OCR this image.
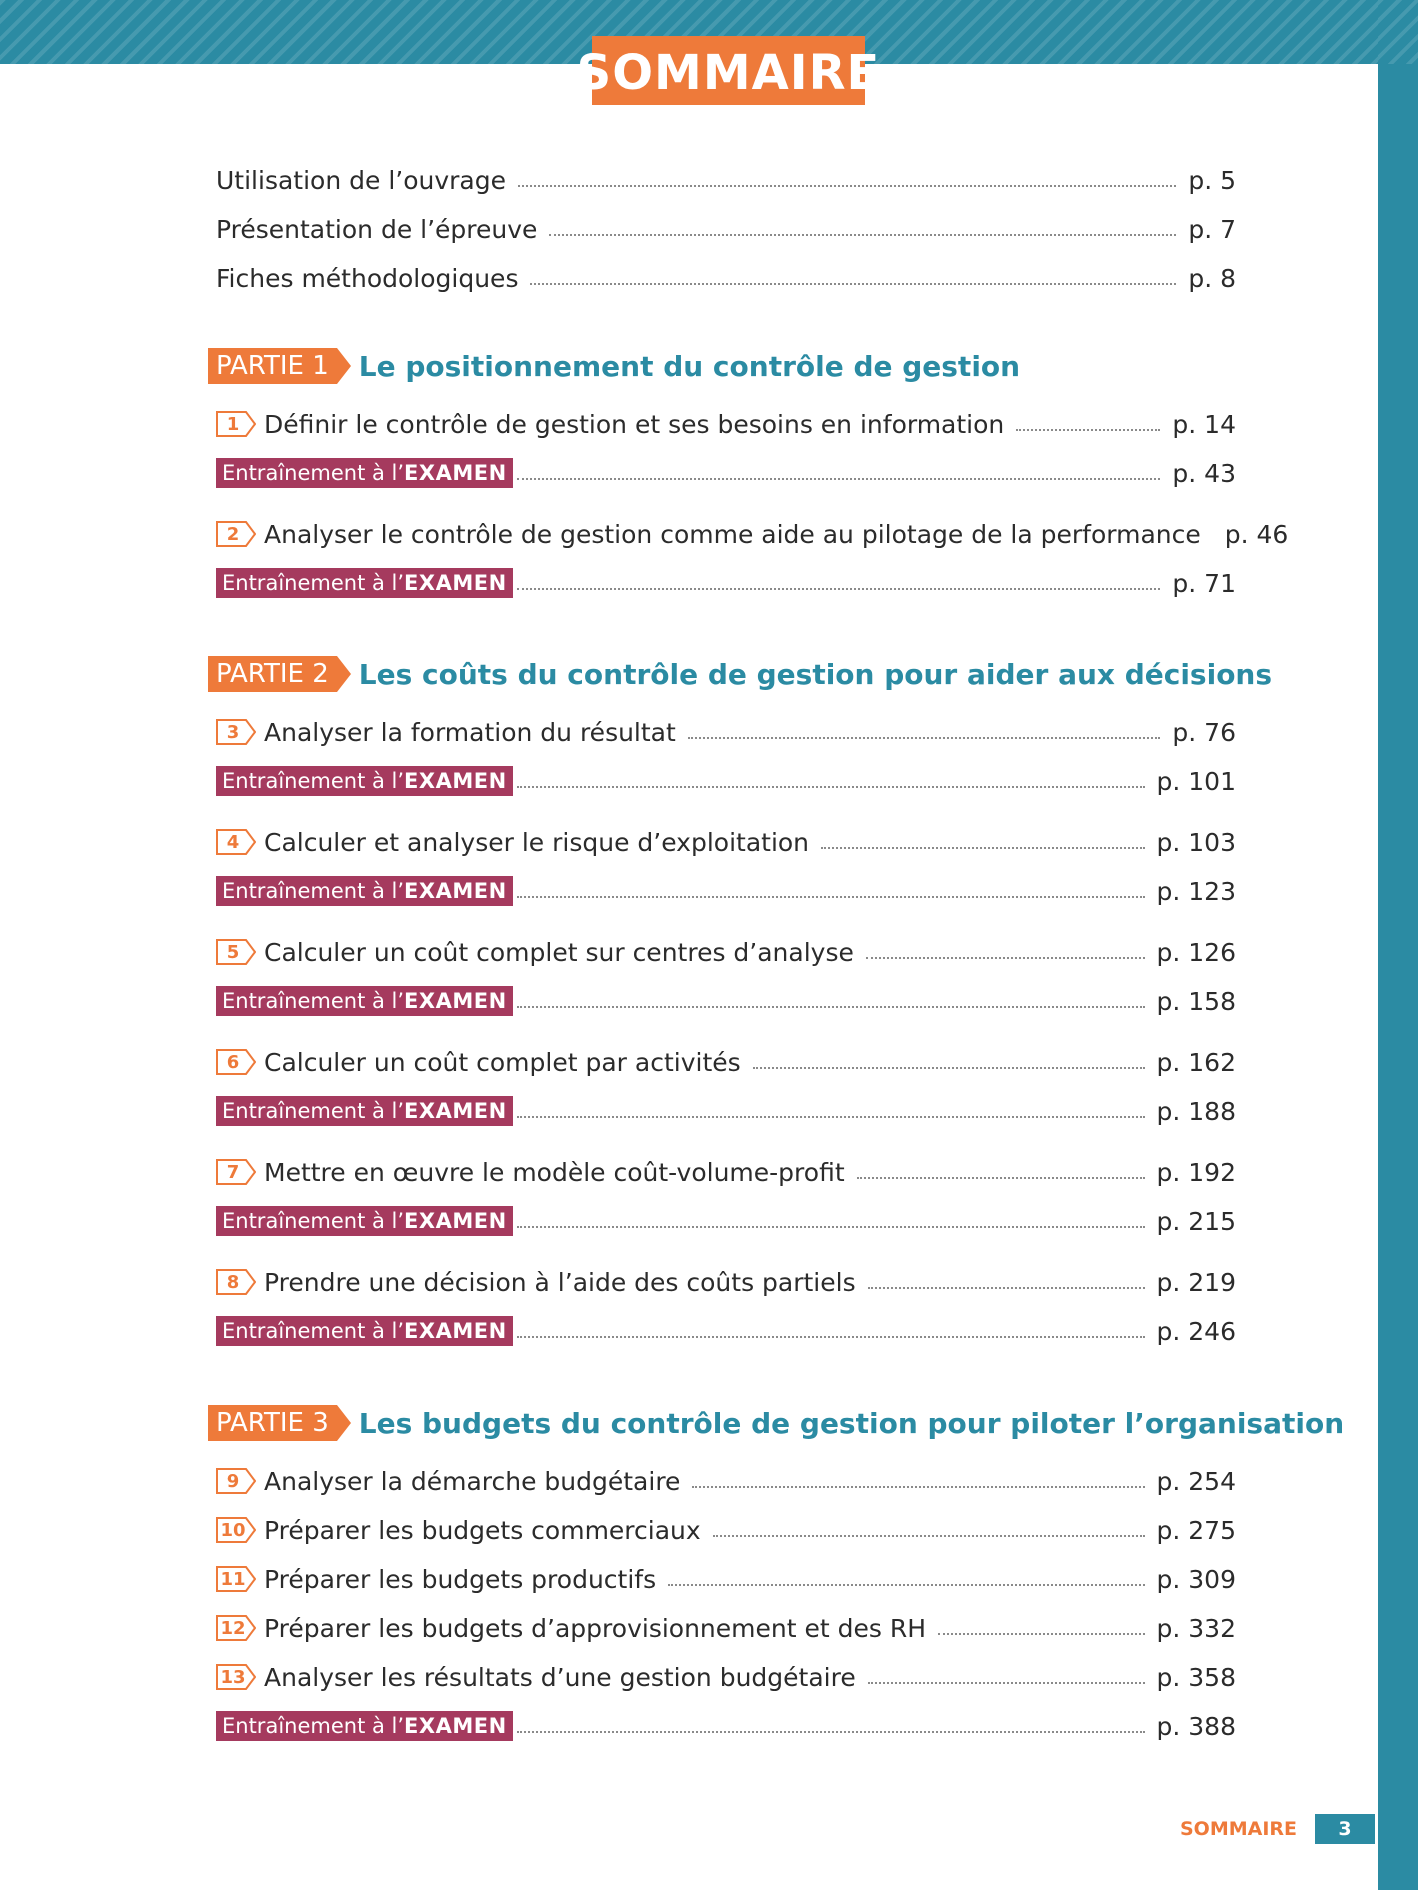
SOMMAIRE
Utilisation de l’ouvrage	p. 5
Présentation de l’épreuve	p. 7
Fiches méthodologiques	p. 8
PARTIE 1 Le positionnement du contrôle de gestion
1 Définir le contrôle de gestion et ses besoins en information	p. 14
Entraînement à l’ EXAMEN	p. 43
2 Analyser le contrôle de gestion comme aide au pilotage de la performance p. 46
Entraînement à l’ EXAMEN	p. 71
PARTIE 2 Les coûts du contrôle de gestion pour aider aux décisions
3 Analyser la formation du résultat	p. 76
Entraînement à l’ EXAMEN	p. 101
4 Calculer et analyser le risque d’exploitation	p. 103
Entraînement à l’ EXAMEN	p. 123
5 Calculer un coût complet sur centres d’analyse	p. 126
Entraînement à l’ EXAMEN	p. 158
6 Calculer un coût complet par activités	p. 162
Entraînement à l’ EXAMEN	p. 188
7 Mettre en œuvre le modèle coût-volume-profit	p. 192
Entraînement à l’ EXAMEN	p. 215
8 Prendre une décision à l’aide des coûts partiels	p. 219
Entraînement à l’ EXAMEN	p. 246
PARTIE 3 Les budgets du contrôle de gestion pour piloter l’organisation
9 Analyser la démarche budgétaire	p. 254
10 Préparer les budgets commerciaux	p. 275
11 Préparer les budgets productifs	p. 309
12 Préparer les budgets d’approvisionnement et des RH	p. 332
13 Analyser les résultats d’une gestion budgétaire	p. 358
Entraînement à l’ EXAMEN	p. 388
SOMMAIRE	3
